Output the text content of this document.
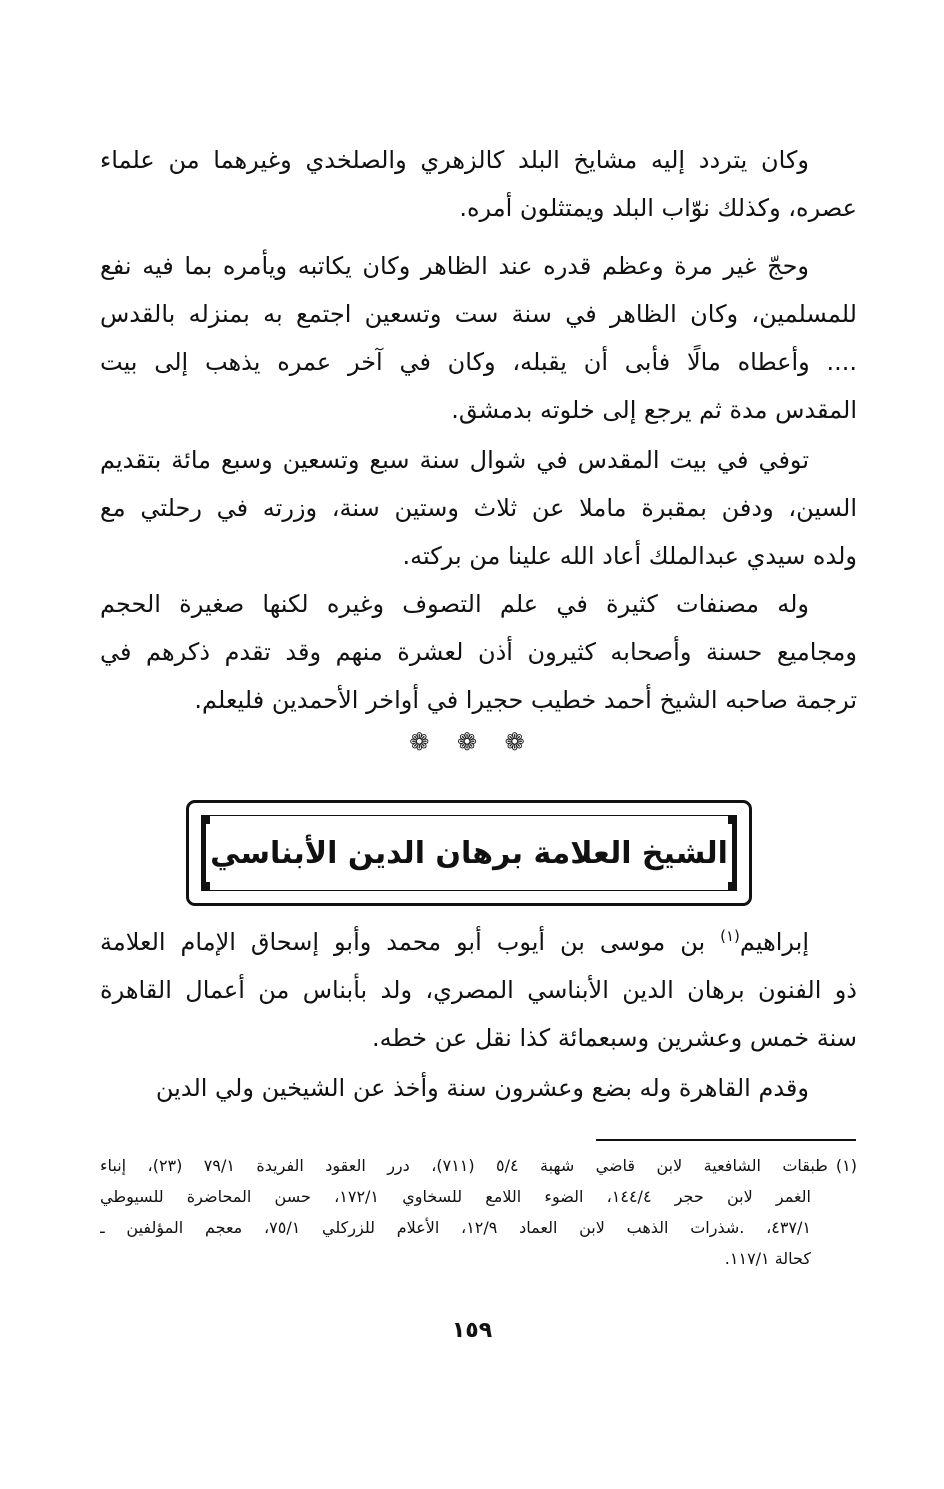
وكان يتردد إليه مشايخ البلد كالزهري والصلخدي وغيرهما من علماء
عصره، وكذلك نوّاب البلد ويمتثلون أمره.
وحجّ غير مرة وعظم قدره عند الظاهر وكان يكاتبه ويأمره بما فيه نفع
للمسلمين، وكان الظاهر في سنة ست وتسعين اجتمع به بمنزله بالقدس
.... وأعطاه مالًا فأبى أن يقبله، وكان في آخر عمره يذهب إلى بيت
المقدس مدة ثم يرجع إلى خلوته بدمشق.
توفي في بيت المقدس في شوال سنة سبع وتسعين وسبع مائة بتقديم
السين، ودفن بمقبرة ماملا عن ثلاث وستين سنة، وزرته في رحلتي مع
ولده سيدي عبدالملك أعاد الله علينا من بركته.
وله مصنفات كثيرة في علم التصوف وغيره لكنها صغيرة الحجم
ومجاميع حسنة وأصحابه كثيرون أذن لعشرة منهم وقد تقدم ذكرهم في
ترجمة صاحبه الشيخ أحمد خطيب حجيرا في أواخر الأحمدين فليعلم.
❁ ❁ ❁
الشيخ العلامة برهان الدين الأبناسي
إبراهيم$^{(١)}$ بن موسى بن أيوب أبو محمد وأبو إسحاق الإمام العلامة
ذو الفنون برهان الدين الأبناسي المصري، ولد بأبناس من أعمال القاهرة
سنة خمس وعشرين وسبعمائة كذا نقل عن خطه.
وقدم القاهرة وله بضع وعشرون سنة وأخذ عن الشيخين ولي الدين
(١)طبقات الشافعية لابن قاضي شهبة ٥/٤ (٧١١)، درر العقود الفريدة ٧٩/١ (٢٣)، إنباء
الغمر لابن حجر ١٤٤/٤، الضوء اللامع للسخاوي ١٧٢/١، حسن المحاضرة للسيوطي
٤٣٧/١، .شذرات الذهب لابن العماد ١٢/٩، الأعلام للزركلي ٧٥/١، معجم المؤلفين ـ
كحالة ١١٧/١.
١٥٩
